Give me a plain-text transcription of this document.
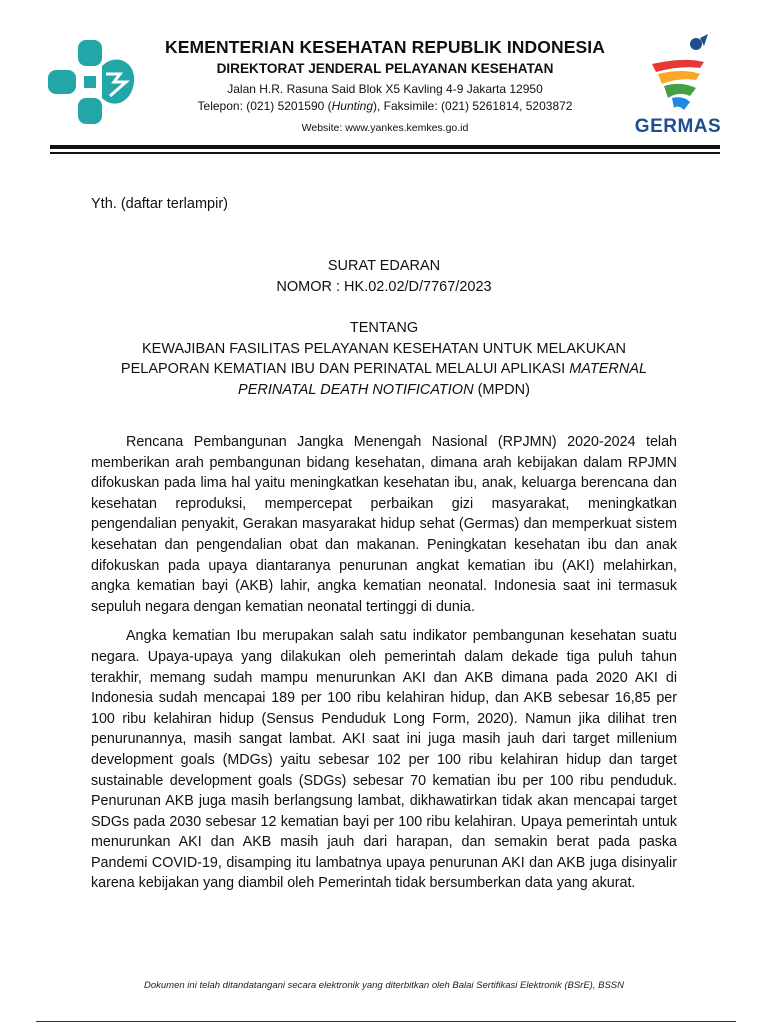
KEMENTERIAN KESEHATAN REPUBLIK INDONESIA
DIREKTORAT JENDERAL PELAYANAN KESEHATAN
Jalan H.R. Rasuna Said Blok X5 Kavling 4-9 Jakarta 12950
Telepon: (021) 5201590 (Hunting), Faksimile: (021) 5261814, 5203872
Website: www.yankes.kemkes.go.id	GERMAS
Yth. (daftar terlampir)
SURAT EDARAN
NOMOR : HK.02.02/D/7767/2023
TENTANG
KEWAJIBAN FASILITAS PELAYANAN KESEHATAN UNTUK MELAKUKAN
PELAPORAN KEMATIAN IBU DAN PERINATAL MELALUI APLIKASI MATERNAL
PERINATAL DEATH NOTIFICATION (MPDN)

Rencana Pembangunan Jangka Menengah Nasional (RPJMN) 2020-2024 telah memberikan arah pembangunan bidang kesehatan, dimana arah kebijakan dalam RPJMN difokuskan pada lima hal yaitu meningkatkan kesehatan ibu, anak, keluarga berencana dan kesehatan reproduksi, mempercepat perbaikan gizi masyarakat, meningkatkan pengendalian penyakit, Gerakan masyarakat hidup sehat (Germas) dan memperkuat sistem kesehatan dan pengendalian obat dan makanan. Peningkatan kesehatan ibu dan anak difokuskan pada upaya diantaranya penurunan angkat kematian ibu (AKI) melahirkan, angka kematian bayi (AKB) lahir, angka kematian neonatal. Indonesia saat ini termasuk sepuluh negara dengan kematian neonatal tertinggi di dunia.

Angka kematian Ibu merupakan salah satu indikator pembangunan kesehatan suatu negara. Upaya-upaya yang dilakukan oleh pemerintah dalam dekade tiga puluh tahun terakhir, memang sudah mampu menurunkan AKI dan AKB dimana pada 2020 AKI di Indonesia sudah mencapai 189 per 100 ribu kelahiran hidup, dan AKB sebesar 16,85 per 100 ribu kelahiran hidup (Sensus Penduduk Long Form, 2020). Namun jika dilihat tren penurunannya, masih sangat lambat. AKI saat ini juga masih jauh dari target millenium development goals (MDGs) yaitu sebesar 102 per 100 ribu kelahiran hidup dan target sustainable development goals (SDGs) sebesar 70 kematian ibu per 100 ribu penduduk. Penurunan AKB juga masih berlangsung lambat, dikhawatirkan tidak akan mencapai target SDGs pada 2030 sebesar 12 kematian bayi per 100 ribu kelahiran. Upaya pemerintah untuk menurunkan AKI dan AKB masih jauh dari harapan, dan semakin berat pada paska Pandemi COVID-19, disamping itu lambatnya upaya penurunan AKI dan AKB juga disinyalir karena kebijakan yang diambil oleh Pemerintah tidak bersumberkan data yang akurat.

Dokumen ini telah ditandatangani secara elektronik yang diterbitkan oleh Balai Sertifikasi Elektronik (BSrE), BSSN
